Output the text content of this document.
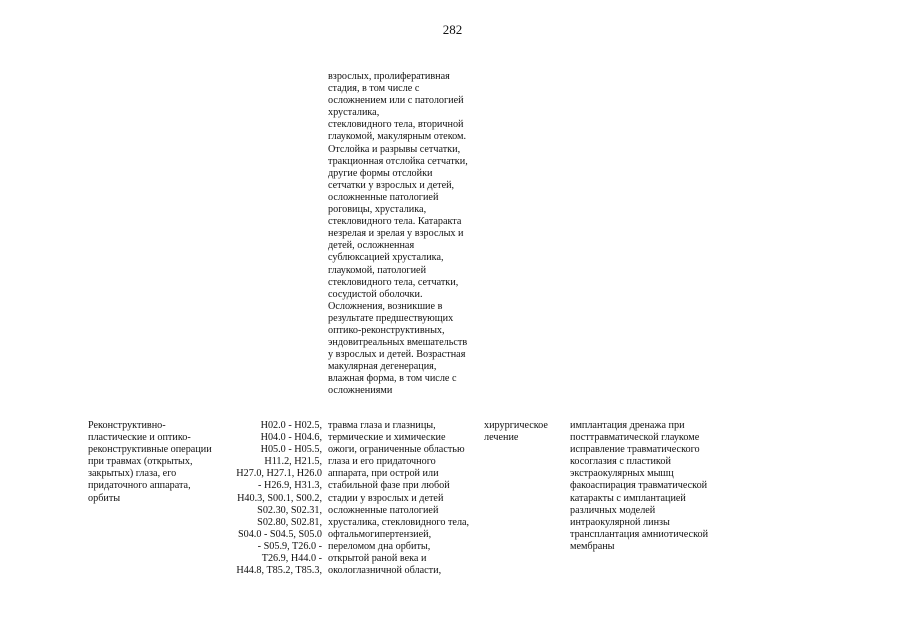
282
взрослых, пролиферативная
стадия, в том числе с
осложнением или с патологией
хрусталика,
стекловидного тела, вторичной
глаукомой, макулярным отеком.
Отслойка и разрывы сетчатки,
тракционная отслойка сетчатки,
другие формы отслойки
сетчатки у взрослых и детей,
осложненные патологией
роговицы, хрусталика,
стекловидного тела. Катаракта
незрелая и зрелая у взрослых и
детей, осложненная
сублюксацией хрусталика,
глаукомой, патологией
стекловидного тела, сетчатки,
сосудистой оболочки.
Осложнения, возникшие в
результате предшествующих
оптико-реконструктивных,
эндовитреальных вмешательств
у взрослых и детей. Возрастная
макулярная дегенерация,
влажная форма, в том числе с
осложнениями
Реконструктивно-
пластические и оптико-
реконструктивные операции
при травмах (открытых,
закрытых) глаза, его
придаточного аппарата,
орбиты
H02.0 - H02.5,
H04.0 - H04.6,
H05.0 - H05.5,
H11.2, H21.5,
H27.0, H27.1, H26.0
- H26.9, H31.3,
H40.3, S00.1, S00.2,
S02.30, S02.31,
S02.80, S02.81,
S04.0 - S04.5, S05.0
- S05.9, T26.0 -
T26.9, H44.0 -
H44.8, T85.2, T85.3,
травма глаза и глазницы,
термические и химические
ожоги, ограниченные областью
глаза и его придаточного
аппарата, при острой или
стабильной фазе при любой
стадии у взрослых и детей
осложненные патологией
хрусталика, стекловидного тела,
офтальмогипертензией,
переломом дна орбиты,
открытой раной века и
окологлазничной области,
хирургическое
лечение
имплантация дренажа при
посттравматической глаукоме
исправление травматического
косоглазия с пластикой
экстраокулярных мышц
факоаспирация травматической
катаракты с имплантацией
различных моделей
интраокулярной линзы
трансплантация амниотической
мембраны
